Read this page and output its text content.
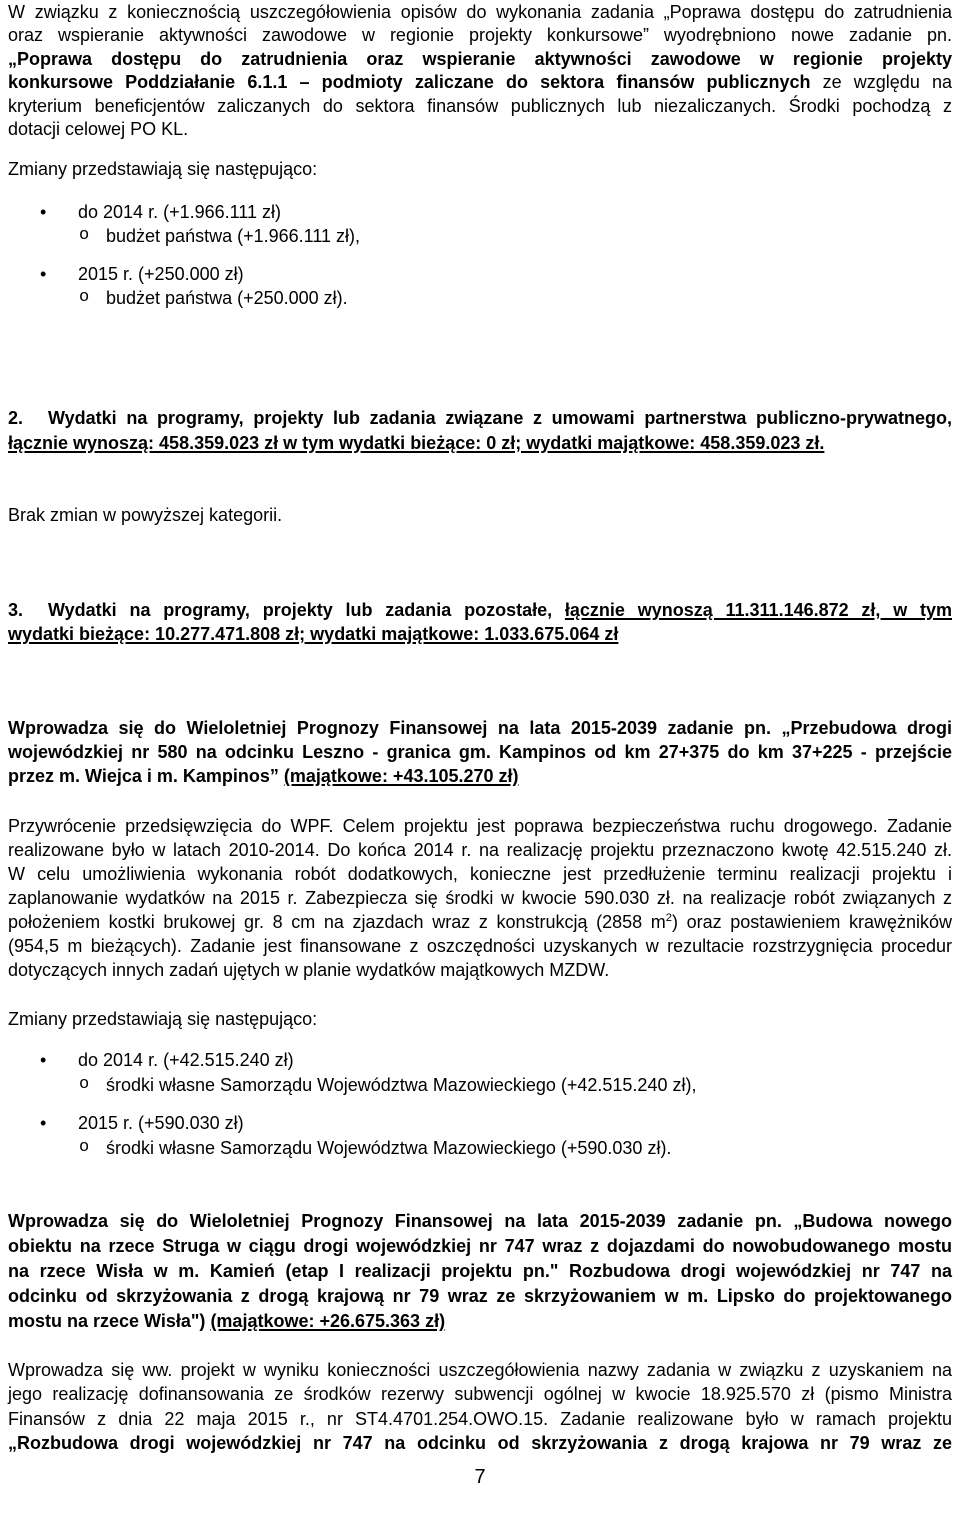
W związku z koniecznością uszczegółowienia opisów do wykonania zadania „Poprawa dostępu do zatrudnienia
oraz wspieranie aktywności zawodowe w regionie projekty konkursowe” wyodrębniono nowe zadanie pn.
„Poprawa dostępu do zatrudnienia oraz wspieranie aktywności zawodowe w regionie projekty
konkursowe Poddziałanie 6.1.1 – podmioty zaliczane do sektora finansów publicznych ze względu na
kryterium beneficjentów zaliczanych do sektora finansów publicznych lub niezaliczanych. Środki pochodzą z
dotacji celowej PO KL.
Zmiany przedstawiają się następująco:
• do 2014 r. (+1.966.111 zł)
o budżet państwa (+1.966.111 zł),
• 2015 r. (+250.000 zł)
o budżet państwa (+250.000 zł).
2. Wydatki na programy, projekty lub zadania związane z umowami partnerstwa publiczno-prywatnego,
łącznie wynoszą: 458.359.023 zł w tym wydatki bieżące: 0 zł; wydatki majątkowe: 458.359.023 zł.
Brak zmian w powyższej kategorii.
3. Wydatki na programy, projekty lub zadania pozostałe, łącznie wynoszą 11.311.146.872 zł, w tym
wydatki bieżące: 10.277.471.808 zł; wydatki majątkowe: 1.033.675.064 zł
Wprowadza się do Wieloletniej Prognozy Finansowej na lata 2015-2039 zadanie pn. „Przebudowa drogi
wojewódzkiej nr 580 na odcinku Leszno - granica gm. Kampinos od km 27+375 do km 37+225 - przejście
przez m. Wiejca i m. Kampinos” (majątkowe: +43.105.270 zł)
Przywrócenie przedsięwzięcia do WPF. Celem projektu jest poprawa bezpieczeństwa ruchu drogowego. Zadanie
realizowane było w latach 2010-2014. Do końca 2014 r. na realizację projektu przeznaczono kwotę 42.515.240 zł.
W celu umożliwienia wykonania robót dodatkowych, konieczne jest przedłużenie terminu realizacji projektu i
zaplanowanie wydatków na 2015 r. Zabezpiecza się środki w kwocie 590.030 zł. na realizacje robót związanych z
położeniem kostki brukowej gr. 8 cm na zjazdach wraz z konstrukcją (2858 $m^2$) oraz postawieniem krawężników
(954,5 m bieżących). Zadanie jest finansowane z oszczędności uzyskanych w rezultacie rozstrzygnięcia procedur
dotyczących innych zadań ujętych w planie wydatków majątkowych MZDW.
Zmiany przedstawiają się następująco:
• do 2014 r. (+42.515.240 zł)
o środki własne Samorządu Województwa Mazowieckiego (+42.515.240 zł),
• 2015 r. (+590.030 zł)
o środki własne Samorządu Województwa Mazowieckiego (+590.030 zł).
Wprowadza się do Wieloletniej Prognozy Finansowej na lata 2015-2039 zadanie pn. „Budowa nowego
obiektu na rzece Struga w ciągu drogi wojewódzkiej nr 747 wraz z dojazdami do nowobudowanego mostu
na rzece Wisła w m. Kamień (etap I realizacji projektu pn." Rozbudowa drogi wojewódzkiej nr 747 na
odcinku od skrzyżowania z drogą krajową nr 79 wraz ze skrzyżowaniem w m. Lipsko do projektowanego
mostu na rzece Wisła") (majątkowe: +26.675.363 zł)
Wprowadza się ww. projekt w wyniku konieczności uszczegółowienia nazwy zadania w związku z uzyskaniem na
jego realizację dofinansowania ze środków rezerwy subwencji ogólnej w kwocie 18.925.570 zł (pismo Ministra
Finansów z dnia 22 maja 2015 r., nr ST4.4701.254.OWO.15. Zadanie realizowane było w ramach projektu
„Rozbudowa drogi wojewódzkiej nr 747 na odcinku od skrzyżowania z drogą krajowa nr 79 wraz ze
7
